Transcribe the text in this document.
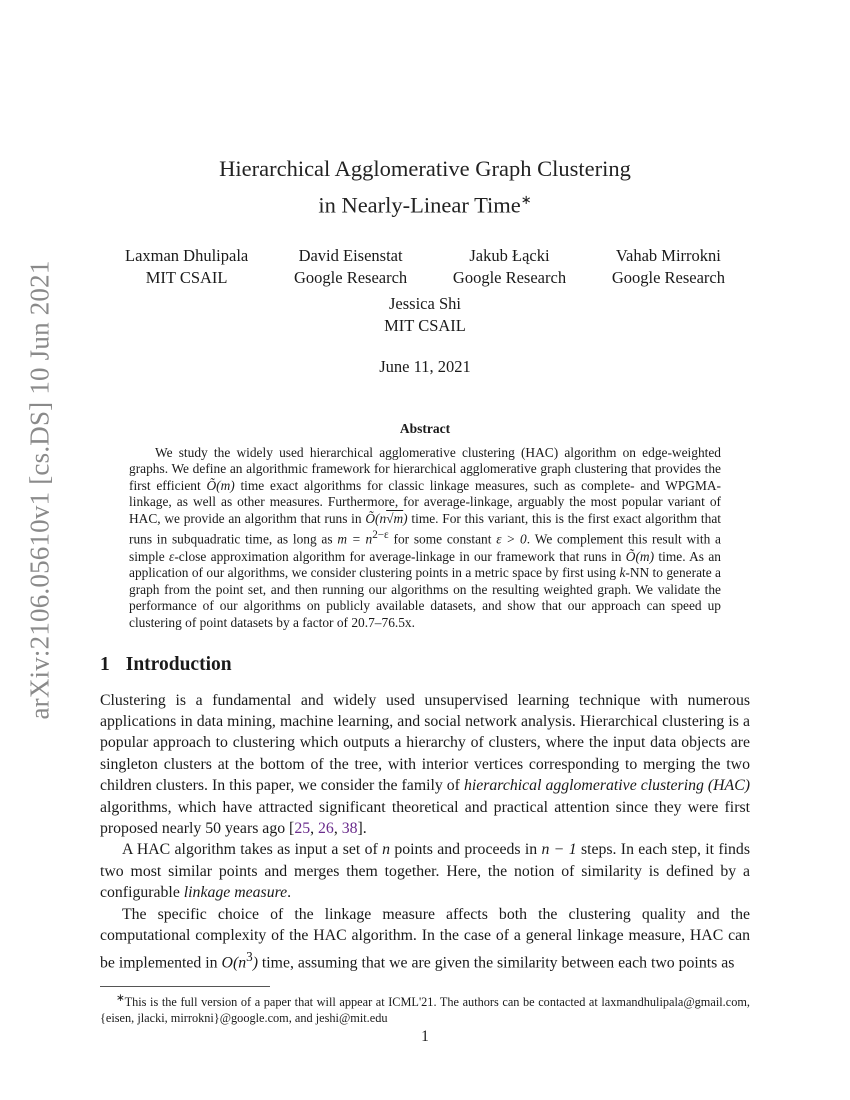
arXiv:2106.05610v1 [cs.DS] 10 Jun 2021
Hierarchical Agglomerative Graph Clustering
in Nearly-Linear Time∗
Laxman Dhulipala
MIT CSAIL
David Eisenstat
Google Research
Jakub Łącki
Google Research
Vahab Mirrokni
Google Research
Jessica Shi
MIT CSAIL
June 11, 2021
Abstract
We study the widely used hierarchical agglomerative clustering (HAC) algorithm on edge-weighted graphs. We define an algorithmic framework for hierarchical agglomerative graph clustering that provides the first efficient Õ(m) time exact algorithms for classic linkage measures, such as complete- and WPGMA-linkage, as well as other measures. Furthermore, for average-linkage, arguably the most popular variant of HAC, we provide an algorithm that runs in Õ(n√m) time. For this variant, this is the first exact algorithm that runs in subquadratic time, as long as $m = n^{2-\varepsilon}$ for some constant ε > 0. We complement this result with a simple ε-close approximation algorithm for average-linkage in our framework that runs in Õ(m) time. As an application of our algorithms, we consider clustering points in a metric space by first using k-NN to generate a graph from the point set, and then running our algorithms on the resulting weighted graph. We validate the performance of our algorithms on publicly available datasets, and show that our approach can speed up clustering of point datasets by a factor of 20.7–76.5x.
1 Introduction

Clustering is a fundamental and widely used unsupervised learning technique with numerous applications in data mining, machine learning, and social network analysis. Hierarchical clustering is a popular approach to clustering which outputs a hierarchy of clusters, where the input data objects are singleton clusters at the bottom of the tree, with interior vertices corresponding to merging the two children clusters. In this paper, we consider the family of hierarchical agglomerative clustering (HAC) algorithms, which have attracted significant theoretical and practical attention since they were first proposed nearly 50 years ago [25, 26, 38].

A HAC algorithm takes as input a set of n points and proceeds in n − 1 steps. In each step, it finds two most similar points and merges them together. Here, the notion of similarity is defined by a configurable linkage measure.

The specific choice of the linkage measure affects both the clustering quality and the computational complexity of the HAC algorithm. In the case of a general linkage measure, HAC can be implemented in $O(n^3)$ time, assuming that we are given the similarity between each two points as

∗This is the full version of a paper that will appear at ICML'21. The authors can be contacted at laxmandhulipala@gmail.com, {eisen, jlacki, mirrokni}@google.com, and jeshi@mit.edu
1
